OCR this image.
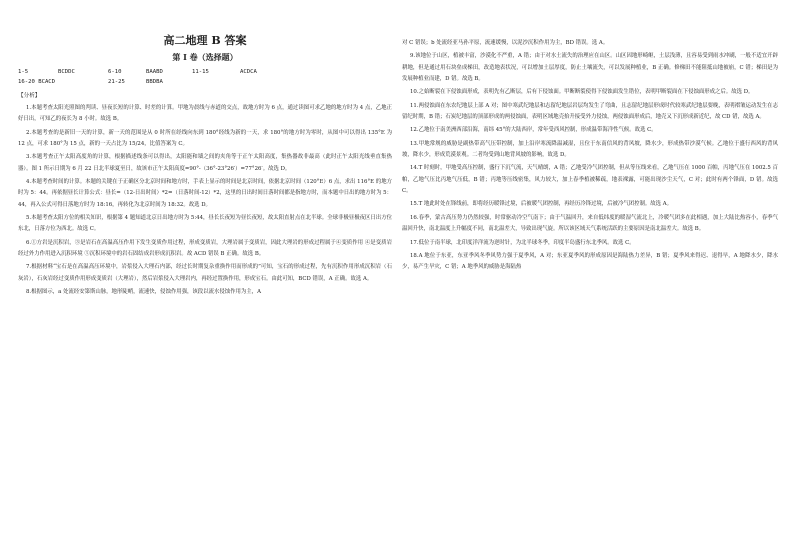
高二地理 B 答案
第 I 卷（选择题）
1-5	BCDDC	6-10	BAABD	11-15	ACDCA
16-20 BCACD	21-25	BBDBA
【分析】

1.本题考查太阳光照图的判读、昼夜长短的计算、时差的计算。甲地为晨线与赤道的交点，故地方时为 6 点，通过读图可求乙地的地方时为 4 点，乙地正好日出，可知乙的夜长为 8 小时。故选 B。

2.本题考查的是新旧一天的计算，新一天的范围是从 0 时所在经线向东到 180°经线为新的一天，求 180°的地方时为零时，从图中可以得出 135°E 为 12 点，可求 180°为 15 点，新的一天占比为 15/24，比值答案为 C。

3.本题考查正午太阳高度角的计算，根据描述线条可以得出，太阳能和墙之间的夹角等于正午太阳高度，集热器故非最高（此时正午太阳光线垂直集热器）。图 1 所示日期为 6 月 22 日北半球夏至日，故该市正午太阳高度=90°-（36°-23°26′）=77°26′。故选 D。

4.本题考查时间的计算。本题的关键在于正确区分北京时间和地方时，手表上显示的时间是北京时间，依据北京时间（120°E）6 点，求出 116°E 的地方时为 5：44。再依据昼长计算公式：昼长=（12-日出时间）*2=（日落时间-12）*2，这里的日出时间日落时间都是指地方时，而本题中日出的地方时为 5：44，再入公式可得日落地方时为 18:16，再转化为北京时间为 18:32。故选 D。

5.本题考查太阳方位的相关知识，根据第 4 题知道北京日出地方时为 5:44，昼长长夜短为昼长夜短，故太阳直射点在北半球。全球非极昼极夜区日出方位东北，日落方位为西北。故选 C。

6.①方岩是沉积岩，③是岩石在高温高压作用下发生变质作用过程，形成变质岩，大理岩属于变质岩，因此大理岩的形成过程属于④变质作用 ④是变质岩经过外力作用进入沉积环境 ⑤沉积环境中的岩石固结成岩形成沉积岩。故 ACD 错误 B 正确。故选 B。

7.根据材料“宝石是在高温高压环境中，岩浆侵入大理石内部，经过长时期复杂重换作用而形成的”可知，宝石的形成过程，先有沉积作用形成沉积岩（石灰岩），石灰岩经过变质作用形成变质岩（大理岩），然后岩浆侵入大理岩内，再经过置换作用，形成宝石。由此可知，BCD 错误，A 正确。故选 A。

8.根据图示，a 处流经安第斯山脉，地形陡峭，流速快，侵蚀作用强，该段以流水侵蚀作用为主，A

对 C 错误；b 处流经亚马孙平原，流速缓慢，以泥沙沉积作用为主，BD 错误。选 A。

9.该地位于山区，植被丰富，沙漠化不严重，A 错；由于对水土流失的治理应在山区。山区因地形崎岖，土层浅薄，且容易受到雨水冲刷，一般不适宜开辟耕地，但是通过用石块垒成梯田，改造地表状况，可以增加土层厚度，防止土壤流失，可以发展种植业，B 正确。修梯田不能阻抵山地被崩，C 错；梯田是为发展种植业而建，D 错。故选 B。

10.之始断裂在下侵蚀面形成，表明先有乙断层，后有下侵蚀面。甲断断裂使得下侵蚀面发生错位，表明甲断裂面在下侵蚀面形成之后。故选 D。

11.两侵蚀面在东农纪地层上部 A 对；图中寒武纪地层和志留纪地层岩层均发生了弯曲，且志留纪地层形成时代较寒武纪地层要晚，表明褶皱运动发生在志留纪时期，B 错；石炭纪地层的顶部形成的两侵蚀面，表明区域地壳抬升接受外力侵蚀，两侵蚀面形成后，地壳又下沉形成新近纪，故 CD 错，故选 A。

12.乙地位于南美洲西部沿海，南纬 45°的大陆西岸，常年受西风控制，形成温带海洋性气候。故选 C。

13.甲地常规的威胁是副热带高气压带控制，加上沿岸寒流降温减湿，且位于东南信风的背风坡，降水少，形成热带沙漠气候。乙地位于盛行西风的背风坡，降水少，形成荒漠景观。二者均受到山地背风坡的影响，故选 D。

14.T 时刻时，甲地受高压控制，盛行下沉气流，天气晴朗，A 错；乙地受冷气团控制，但从等压线来看，乙地气压在 1000 百帕，丙地气压在 1002.5 百帕，乙地气压比丙地气压低，B 错；丙地等压线密集，风力较大，加上春季植被稀疏，地表裸露，可能出现沙尘天气，C 对；此时有两个锋面，D 错。故选 C。

15.T 地此时处在锋线前，即将经历暖锋过境，后被暖气团控制，再经历冷锋过境，后被冷气团控制。故选 A。

16.春季，蒙古高压势力仍然较强，时常驱动冷空气南下；由于气温回升，来自低纬度的暖湿气流北上，冷暖气团多在此相遇，加上大陆比热容小，春季气温回升快，南北温度上升幅度不同，南北温差大，导致出现气旋。所以该区域天气系统活跃的主要原因是南北温差大。故选 B。

17.低位于南半球，北印度洋洋流为逆时针，为北半球冬季，印度半岛盛行东北季风。故选 C。

18.A 地位于东亚，东亚季风冬季风势力强于夏季风，A 对；东亚夏季风的形成原因是海陆热力差异，B 错；夏季风来得迟、退得早，A 地降水少，降水少，易产生旱灾，C 错；A 地季风的威胁是海陆热
